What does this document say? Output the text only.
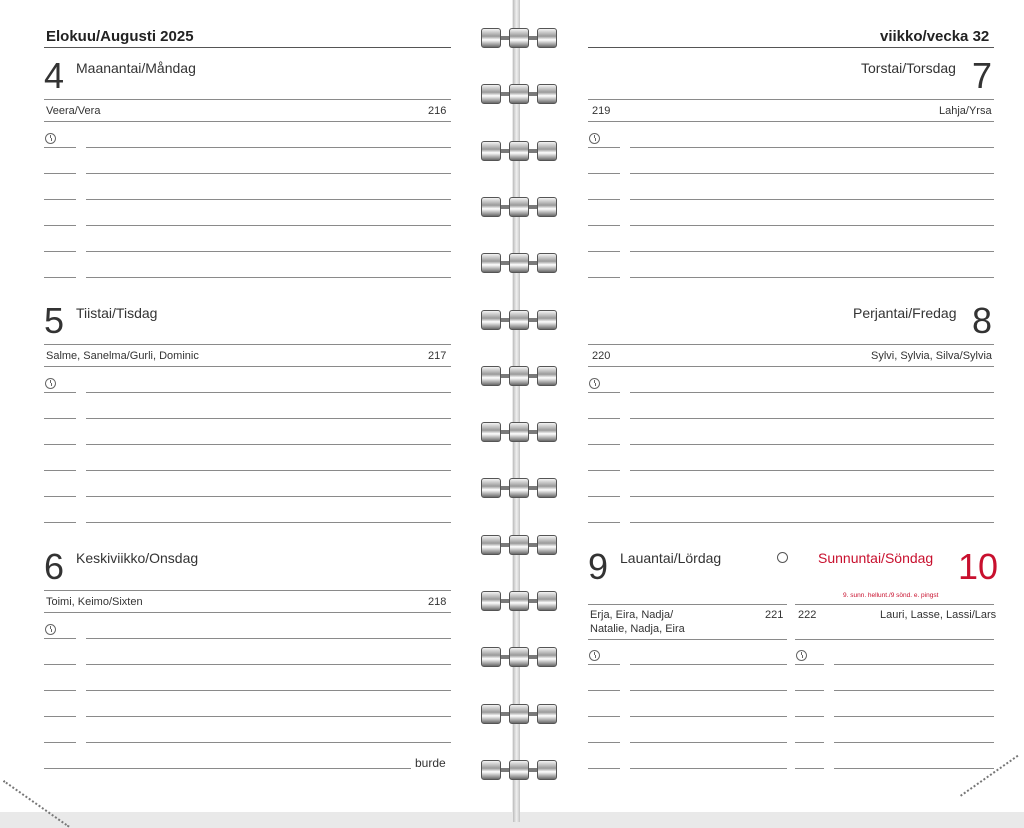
Elokuu/Augusti 2025
4 Maanantai/Måndag
Veera/Vera	216
5 Tiistai/Tisdag
Salme, Sanelma/Gurli, Dominic	217
6 Keskiviikko/Onsdag
Toimi, Keimo/Sixten	218
burde
viikko/vecka 32
Torstai/Torsdag 7
219	Lahja/Yrsa
Perjantai/Fredag 8
220	Sylvi, Sylvia, Silva/Sylvia
9 Lauantai/Lördag
Erja, Eira, Nadja/
Natalie, Nadja, Eira
221
Sunnuntai/Söndag 10
9. sunn. hellunt./9 sönd. e. pingst
222	Lauri, Lasse, Lassi/Lars
